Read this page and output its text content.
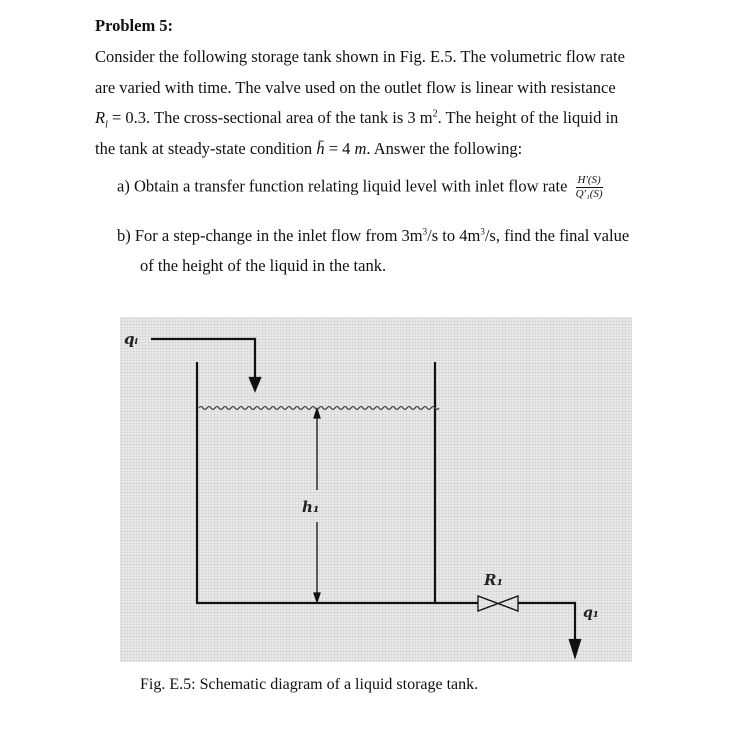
Problem 5:
Consider the following storage tank shown in Fig. E.5. The volumetric flow rate
are varied with time. The valve used on the outlet flow is linear with resistance
$R_l = 0.3$. The cross-sectional area of the tank is 3 $m^2$. The height of the liquid in
the tank at steady-state condition h̄ = 4 m. Answer the following:
a) Obtain a transfer function relating liquid level with inlet flow rate $\frac{H'(S)}{\text{Q′₁(S)}}$
b) For a step-change in the inlet flow from $3m^3/s$ to $4m^3/s$, find the final value
of the height of the liquid in the tank.
qᵢ
h₁
R₁
q₁
Fig. E.5: Schematic diagram of a liquid storage tank.
